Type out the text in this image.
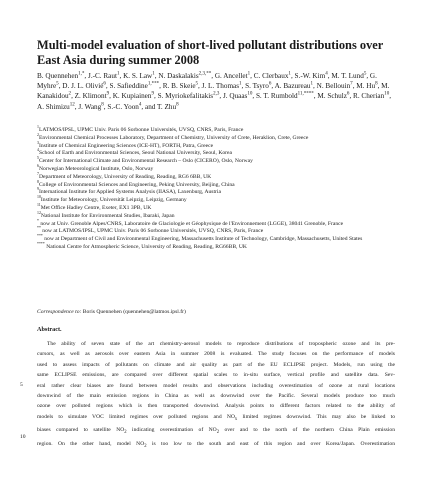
Multi-model evaluation of short-lived pollutant distributions over East Asia during summer 2008

B. Quennehen$^{1,*}$, J.-C. Raut$^1$, K. S. Law$^1$, N. Daskalakis$^{2,3,**}$, G. Ancellet$^1$, C. Clerbaux$^1$, S.-W. Kim$^4$, M. T. Lund$^5$, G. Myhre$^5$, D. J. L. Olivié$^6$, S. Safieddine$^{1,***}$, R. B. Skeie$^5$, J. L. Thomas$^1$, S. Tsyro$^6$, A. Bazureau$^1$, N. Bellouin$^7$, M. Hu$^8$, M. Kanakidou$^2$, Z. Klimont$^9$, K. Kupiainen$^9$, S. Myriokefalitakis$^{2,3}$, J. Quaas$^{10}$, S. T. Rumbold$^{11,****}$, M. Schulz$^6$, R. Cherian$^{10}$, A. Shimizu$^{12}$, J. Wang$^8$, S.-C. Yoon$^4$, and T. Zhu$^8$

$^1$LATMOS/IPSL, UPMC Univ. Paris 06 Sorbonne Universités, UVSQ, CNRS, Paris, France
$^2$Environmental Chemical Processes Laboratory, Department of Chemistry, University of Crete, Heraklion, Crete, Greece
$^3$Institute of Chemical Engineering Sciences (ICE-HT), FORTH, Patra, Greece
$^4$School of Earth and Environmental Sciences, Seoul National University, Seoul, Korea
$^5$Center for International Climate and Environmental Research – Oslo (CICERO), Oslo, Norway
$^6$Norwegian Meteorological Institute, Oslo, Norway
$^7$Department of Meteorology, University of Reading, Reading, RG6 6BB, UK
$^8$College of Environmental Sciences and Engineering, Peking University, Beijing, China
$^9$International Institute for Applied Systems Analysis (IIASA), Laxenburg, Austria
$^{10}$Institute for Meteorology, Universität Leipzig, Leipzig, Germany
$^{11}$Met Office Hadley Centre, Exeter, EX1 3PB, UK
$^{12}$National Institute for Environmental Studies, Ibaraki, Japan
* now at Univ. Grenoble Alpes/CNRS, Laboratoire de Glaciologie et Géophysique de l'Environnement (LGGE), 38041 Grenoble, France
** now at LATMOS/IPSL, UPMC Univ. Paris 06 Sorbonne Universités, UVSQ, CNRS, Paris, France
*** now at Department of Civil and Environmental Engineering, Massachusetts Institute of Technology, Cambridge, Massachusetts, United States
**** National Centre for Atmospheric Science, University of Reading, Reading, RG66BB, UK

Correspondence to: Boris Quennehen (quennehen@latmos.ipsl.fr)

Abstract.
The ability of seven state of the art chemistry-aerosol models to reproduce distributions of tropospheric ozone and its pre-
cursors, as well as aerosols over eastern Asia in summer 2008 is evaluated. The study focuses on the performance of models
used to assess impacts of pollutants on climate and air quality as part of the EU ECLIPSE project. Models, run using the
same ECLIPSE emissions, are compared over different spatial scales to in-situ surface, vertical profile and satellite data. Sev-
eral rather clear biases are found between model results and observations including overestimation of ozone at rural locations
downwind of the main emission regions in China as well as downwind over the Pacific. Several models produce too much
ozone over polluted regions which is then transported downwind. Analysis points to different factors related to the ability of
models to simulate VOC limited regimes over polluted regions and $NO_x$ limited regimes downwind. This may also be linked to
biases compared to satellite $NO_2$ indicating overestimation of $NO_2$ over and to the north of the northern China Plain emission
region. On the other hand, model $NO_2$ is too low to the south and east of this region and over Korea/Japan. Overestimation
5
10
